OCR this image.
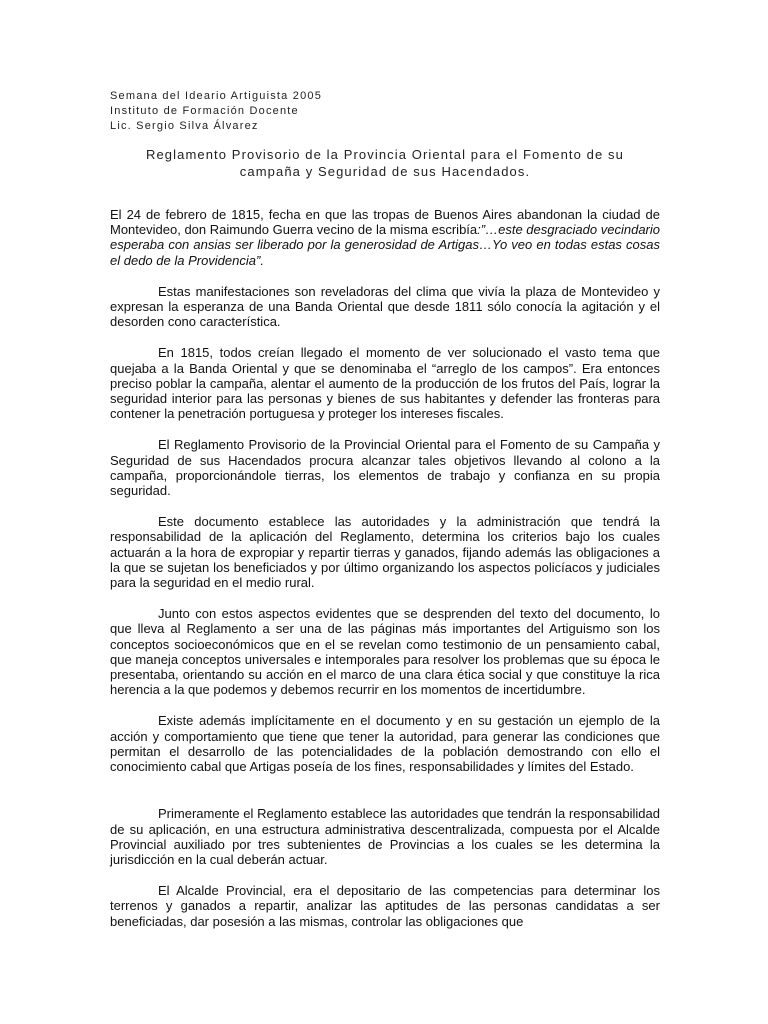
Semana del Ideario Artiguista 2005
Instituto de Formación Docente
Lic. Sergio Silva Álvarez
Reglamento Provisorio de la Provincia Oriental para el Fomento de su
campaña y Seguridad de sus Hacendados.

El 24 de febrero de 1815, fecha en que las tropas de Buenos Aires abandonan la ciudad de Montevideo, don Raimundo Guerra vecino de la misma escribía:”…este desgraciado vecindario esperaba con ansias ser liberado por la generosidad de Artigas…Yo veo en todas estas cosas el dedo de la Providencia”.

Estas manifestaciones son reveladoras del clima que vivía la plaza de Montevideo y expresan la esperanza de una Banda Oriental que desde 1811 sólo conocía la agitación y el desorden cono característica.

En 1815, todos creían llegado el momento de ver solucionado el vasto tema que quejaba a la Banda Oriental y que se denominaba el “arreglo de los campos”. Era entonces preciso poblar la campaña, alentar el aumento de la producción de los frutos del País, lograr la seguridad interior para las personas y bienes de sus habitantes y defender las fronteras para contener la penetración portuguesa y proteger los intereses fiscales.

El Reglamento Provisorio de la Provincial Oriental para el Fomento de su Campaña y Seguridad de sus Hacendados procura alcanzar tales objetivos llevando al colono a la campaña, proporcionándole tierras, los elementos de trabajo y confianza en su propia seguridad.

Este documento establece las autoridades y la administración que tendrá la responsabilidad de la aplicación del Reglamento, determina los criterios bajo los cuales actuarán a la hora de expropiar y repartir tierras y ganados, fijando además las obligaciones a la que se sujetan los beneficiados y por último organizando los aspectos policíacos y judiciales para la seguridad en el medio rural.

Junto con estos aspectos evidentes que se desprenden del texto del documento, lo que lleva al Reglamento a ser una de las páginas más importantes del Artiguismo son los conceptos socioeconómicos que en el se revelan como testimonio de un pensamiento cabal, que maneja conceptos universales e intemporales para resolver los problemas que su época le presentaba, orientando su acción en el marco de una clara ética social y que constituye la rica herencia a la que podemos y debemos recurrir en los momentos de incertidumbre.

Existe además implícitamente en el documento y en su gestación un ejemplo de la acción y comportamiento que tiene que tener la autoridad, para generar las condiciones que permitan el desarrollo de las potencialidades de la población demostrando con ello el conocimiento cabal que Artigas poseía de los fines, responsabilidades y límites del Estado.

Primeramente el Reglamento establece las autoridades que tendrán la responsabilidad de su aplicación, en una estructura administrativa descentralizada, compuesta por el Alcalde Provincial auxiliado por tres subtenientes de Provincias a los cuales se les determina la jurisdicción en la cual deberán actuar.

El Alcalde Provincial, era el depositario de las competencias para determinar los terrenos y ganados a repartir, analizar las aptitudes de las personas candidatas a ser beneficiadas, dar posesión a las mismas, controlar las obligaciones que
